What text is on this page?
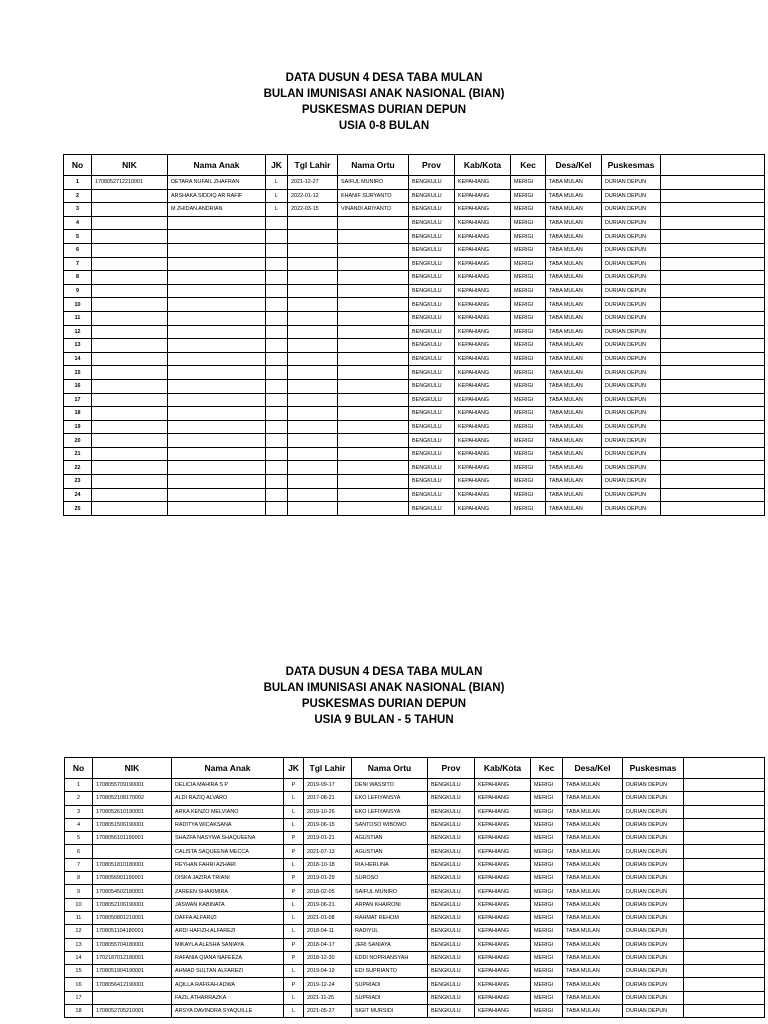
DATA DUSUN 4 DESA TABA MULAN
BULAN IMUNISASI ANAK NASIONAL (BIAN)
PUSKESMAS DURIAN DEPUN
USIA 0-8 BULAN
No	NIK	Nama Anak	JK	Tgl Lahir	Nama Ortu	Prov	Kab/Kota	Kec	Desa/Kel	Puskesmas	
1	1708052712210001	DETARA NUFAIL ZHAFRAN	L	2021-12-27	SAIFUL MUNIRO	BENGKULU	KEPAHIANG	MERIGI	TABA MULAN	DURIAN DEPUN	
2		ARSHAKA SIDDIQ AR RAFIF	L	2022-01-12	KHANIF SURYANTO	BENGKULU	KEPAHIANG	MERIGI	TABA MULAN	DURIAN DEPUN	
3		M ZHIDAN ANDRIAN	L	2022-03-15	VINANDI ARIYANTO	BENGKULU	KEPAHIANG	MERIGI	TABA MULAN	DURIAN DEPUN	
4						BENGKULU	KEPAHIANG	MERIGI	TABA MULAN	DURIAN DEPUN	
5						BENGKULU	KEPAHIANG	MERIGI	TABA MULAN	DURIAN DEPUN	
6						BENGKULU	KEPAHIANG	MERIGI	TABA MULAN	DURIAN DEPUN	
7						BENGKULU	KEPAHIANG	MERIGI	TABA MULAN	DURIAN DEPUN	
8						BENGKULU	KEPAHIANG	MERIGI	TABA MULAN	DURIAN DEPUN	
9						BENGKULU	KEPAHIANG	MERIGI	TABA MULAN	DURIAN DEPUN	
10						BENGKULU	KEPAHIANG	MERIGI	TABA MULAN	DURIAN DEPUN	
11						BENGKULU	KEPAHIANG	MERIGI	TABA MULAN	DURIAN DEPUN	
12						BENGKULU	KEPAHIANG	MERIGI	TABA MULAN	DURIAN DEPUN	
13						BENGKULU	KEPAHIANG	MERIGI	TABA MULAN	DURIAN DEPUN	
14						BENGKULU	KEPAHIANG	MERIGI	TABA MULAN	DURIAN DEPUN	
15						BENGKULU	KEPAHIANG	MERIGI	TABA MULAN	DURIAN DEPUN	
16						BENGKULU	KEPAHIANG	MERIGI	TABA MULAN	DURIAN DEPUN	
17						BENGKULU	KEPAHIANG	MERIGI	TABA MULAN	DURIAN DEPUN	
18						BENGKULU	KEPAHIANG	MERIGI	TABA MULAN	DURIAN DEPUN	
19						BENGKULU	KEPAHIANG	MERIGI	TABA MULAN	DURIAN DEPUN	
20						BENGKULU	KEPAHIANG	MERIGI	TABA MULAN	DURIAN DEPUN	
21						BENGKULU	KEPAHIANG	MERIGI	TABA MULAN	DURIAN DEPUN	
22						BENGKULU	KEPAHIANG	MERIGI	TABA MULAN	DURIAN DEPUN	
23						BENGKULU	KEPAHIANG	MERIGI	TABA MULAN	DURIAN DEPUN	
24						BENGKULU	KEPAHIANG	MERIGI	TABA MULAN	DURIAN DEPUN	
25						BENGKULU	KEPAHIANG	MERIGI	TABA MULAN	DURIAN DEPUN	
DATA DUSUN 4 DESA TABA MULAN
BULAN IMUNISASI ANAK NASIONAL (BIAN)
PUSKESMAS DURIAN DEPUN
USIA 9 BULAN - 5 TAHUN
No	NIK	Nama Anak	JK	Tgl Lahir	Nama Ortu	Prov	Kab/Kota	Kec	Desa/Kel	Puskesmas	
1	1708055709190001	DELICIA MAHIRA S P	P	2019-09-17	DENI WASSITO	BENGKULU	KEPAHIANG	MERIGI	TABA MULAN	DURIAN DEPUN	
2	1708052108170002	ALDI RAZIQ ALVARO	L	2017-08-21	EKO LEFIYANSYA	BENGKULU	KEPAHIANG	MERIGI	TABA MULAN	DURIAN DEPUN	
3	1708052610190001	ARKA KENZO MELVIANO	L	2019-10-26	EKO LEFIYANSYA	BENGKULU	KEPAHIANG	MERIGI	TABA MULAN	DURIAN DEPUN	
4	1708051506190001	RADITYA WICAKSANA	L	2019-06-15	SANTOSO WIBOWO	BENGKULU	KEPAHIANG	MERIGI	TABA MULAN	DURIAN DEPUN	
5	1708056101190001	SHAZFA NASYWA SHAQUEENA	P	2019-01-21	AGUSTIAN	BENGKULU	KEPAHIANG	MERIGI	TABA MULAN	DURIAN DEPUN	
6		CALISTA SAQUEENA MECCA	P	2021-07-13	AGUSTIAN	BENGKULU	KEPAHIANG	MERIGI	TABA MULAN	DURIAN DEPUN	
7	1708051810180001	REYHAN FAHRI AZHARI	L	2018-10-18	RIA HERLINA	BENGKULU	KEPAHIANG	MERIGI	TABA MULAN	DURIAN DEPUN	
8	1708056901190001	DISKA JAZIRA TRIANI	P	2019-01-29	SUROSO	BENGKULU	KEPAHIANG	MERIGI	TABA MULAN	DURIAN DEPUN	
9	1708054502180001	ZAREEN SHAKIMIRA	P	2018-02-05	SAIFUL MUNIRO	BENGKULU	KEPAHIANG	MERIGI	TABA MULAN	DURIAN DEPUN	
10	1708052106190001	JASWAN KABINATA	L	2019-06-21	ARPAN KHAIRONI	BENGKULU	KEPAHIANG	MERIGI	TABA MULAN	DURIAN DEPUN	
11	1708050801210001	DAFFA ALFARIZI	L	2021-01-08	RAHMAT REHOM	BENGKULU	KEPAHIANG	MERIGI	TABA MULAN	DURIAN DEPUN	
12	1708051104180001	ARDI HAFIZH ALFAREZI	L	2018-04-11	RADIYUL	BENGKULU	KEPAHIANG	MERIGI	TABA MULAN	DURIAN DEPUN	
13	1708055704180001	MIKAYLA ALESHA SANIAYA	P	2018-04-17	JERI SANIAYA	BENGKULU	KEPAHIANG	MERIGI	TABA MULAN	DURIAN DEPUN	
14	1702187012180001	RAFANIA QIANA NAFEEZA	P	2018-12-30	EDDI NOPRIANSYAH	BENGKULU	KEPAHIANG	MERIGI	TABA MULAN	DURIAN DEPUN	
15	1708051904190001	AHMAD SULTAN ALFAREZI	L	2019-04-19	EDI SUPRIANTO	BENGKULU	KEPAHIANG	MERIGI	TABA MULAN	DURIAN DEPUN	
16	1708056412190001	AQILLA RAFIFAH ADWA	P	2019-12-24	SUPRIADI	BENGKULU	KEPAHIANG	MERIGI	TABA MULAN	DURIAN DEPUN	
17		FAZIL ATHARRAZKA	L	2021-11-25	SUPRIADI	BENGKULU	KEPAHIANG	MERIGI	TABA MULAN	DURIAN DEPUN	
18	1708052705210001	ARSYA DAVINDRA SYAQUILLE	L	2021-05-27	SIGIT MURSIDI	BENGKULU	KEPAHIANG	MERIGI	TABA MULAN	DURIAN DEPUN	
